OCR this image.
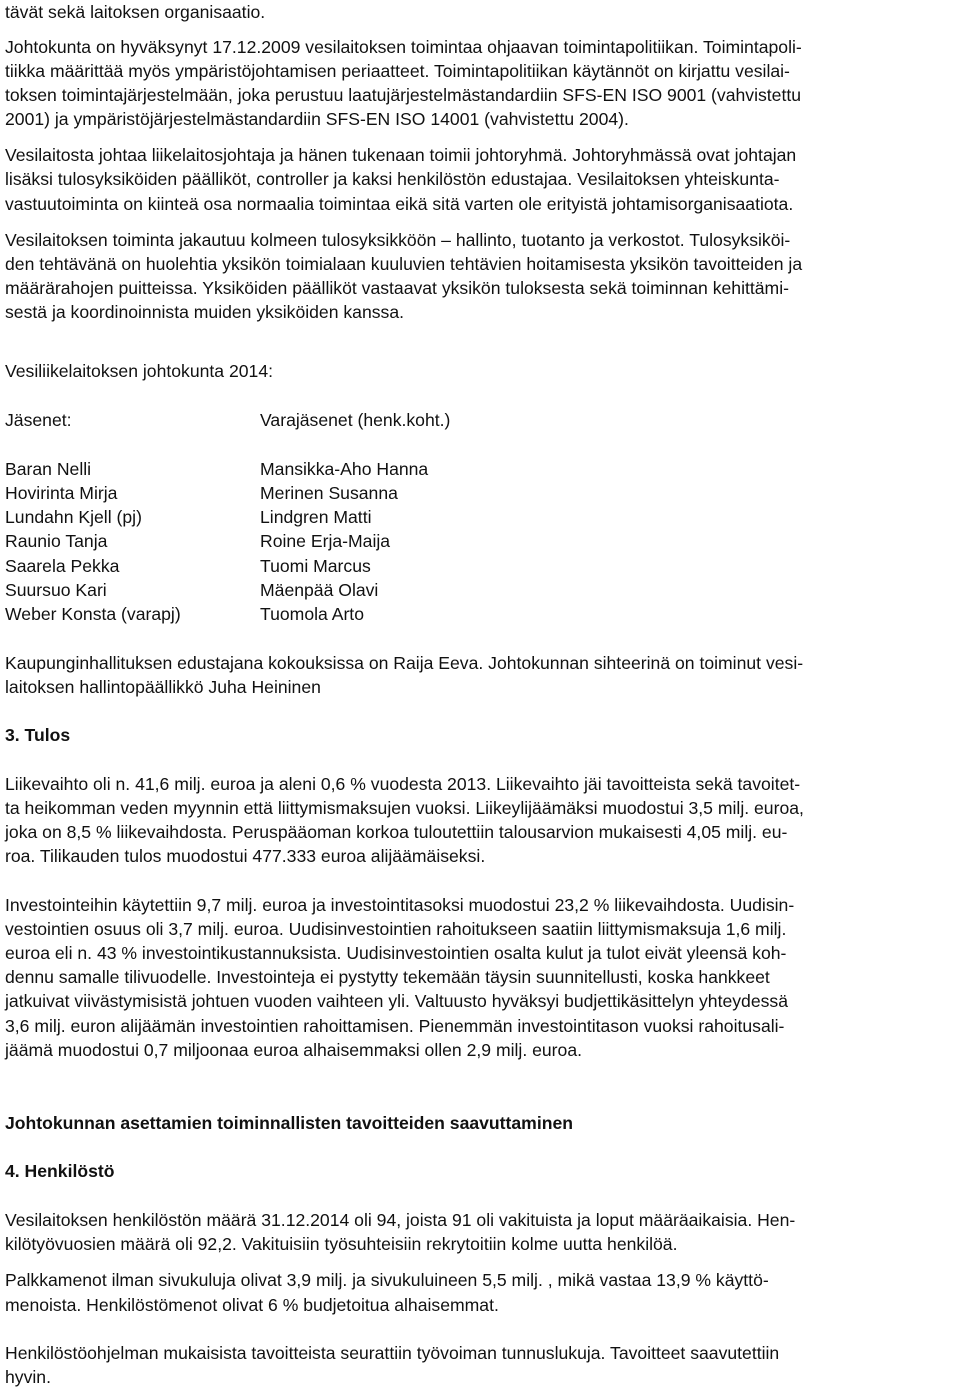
tävät sekä laitoksen organisaatio.
Johtokunta on hyväksynyt 17.12.2009 vesilaitoksen toimintaa ohjaavan toimintapolitiikan. Toimintapoli-
tiikka määrittää myös ympäristöjohtamisen periaatteet. Toimintapolitiikan käytännöt on kirjattu vesilai-
toksen toimintajärjestelmään, joka perustuu laatujärjestelmästandardiin SFS-EN ISO 9001 (vahvistettu
2001) ja ympäristöjärjestelmästandardiin SFS-EN ISO 14001 (vahvistettu 2004).
Vesilaitosta johtaa liikelaitosjohtaja ja hänen tukenaan toimii johtoryhmä. Johtoryhmässä ovat johtajan
lisäksi tulosyksiköiden päälliköt, controller ja kaksi henkilöstön edustajaa. Vesilaitoksen yhteiskunta-
vastuutoiminta on kiinteä osa normaalia toimintaa eikä sitä varten ole erityistä johtamisorganisaatiota.
Vesilaitoksen toiminta jakautuu kolmeen tulosyksikköön – hallinto, tuotanto ja verkostot. Tulosyksiköi-
den tehtävänä on huolehtia yksikön toimialaan kuuluvien tehtävien hoitamisesta yksikön tavoitteiden ja
määrärahojen puitteissa. Yksiköiden päälliköt vastaavat yksikön tuloksesta sekä toiminnan kehittämi-
sestä ja koordinoinnista muiden yksiköiden kanssa.
Vesiliikelaitoksen johtokunta 2014:
Jäsenet:	Varajäsenet (henk.koht.)
Baran Nelli
Hovirinta Mirja
Lundahn Kjell (pj)
Raunio Tanja
Saarela Pekka
Suursuo Kari
Weber Konsta (varapj)
Mansikka-Aho Hanna
Merinen Susanna
Lindgren Matti
Roine Erja-Maija
Tuomi Marcus
Mäenpää Olavi
Tuomola Arto
Kaupunginhallituksen edustajana kokouksissa on Raija Eeva. Johtokunnan sihteerinä on toiminut vesi-
laitoksen hallintopäällikkö Juha Heininen
3. Tulos
Liikevaihto oli n. 41,6 milj. euroa ja aleni 0,6 % vuodesta 2013. Liikevaihto jäi tavoitteista sekä tavoitet-
ta heikomman veden myynnin että liittymismaksujen vuoksi. Liikeylijäämäksi muodostui 3,5 milj. euroa,
joka on 8,5 % liikevaihdosta. Peruspääoman korkoa tuloutettiin talousarvion mukaisesti 4,05 milj. eu-
roa. Tilikauden tulos muodostui 477.333 euroa alijäämäiseksi.
Investointeihin käytettiin 9,7 milj. euroa ja investointitasoksi muodostui 23,2 % liikevaihdosta. Uudisin-
vestointien osuus oli 3,7 milj. euroa. Uudisinvestointien rahoitukseen saatiin liittymismaksuja 1,6 milj.
euroa eli n. 43 % investointikustannuksista. Uudisinvestointien osalta kulut ja tulot eivät yleensä koh-
dennu samalle tilivuodelle. Investointeja ei pystytty tekemään täysin suunnitellusti, koska hankkeet
jatkuivat viivästymisistä johtuen vuoden vaihteen yli. Valtuusto hyväksyi budjettikäsittelyn yhteydessä
3,6 milj. euron alijäämän investointien rahoittamisen. Pienemmän investointitason vuoksi rahoitusali-
jäämä muodostui 0,7 miljoonaa euroa alhaisemmaksi ollen 2,9 milj. euroa.
Johtokunnan asettamien toiminnallisten tavoitteiden saavuttaminen
4. Henkilöstö
Vesilaitoksen henkilöstön määrä 31.12.2014 oli 94, joista 91 oli vakituista ja loput määräaikaisia. Hen-
kilötyövuosien määrä oli 92,2. Vakituisiin työsuhteisiin rekrytoitiin kolme uutta henkilöä.
Palkkamenot ilman sivukuluja olivat 3,9 milj. ja sivukuluineen 5,5 milj. , mikä vastaa 13,9 % käyttö-
menoista. Henkilöstömenot olivat 6 % budjetoitua alhaisemmat.
Henkilöstöohjelman mukaisista tavoitteista seurattiin työvoiman tunnuslukuja. Tavoitteet saavutettiin
hyvin.
